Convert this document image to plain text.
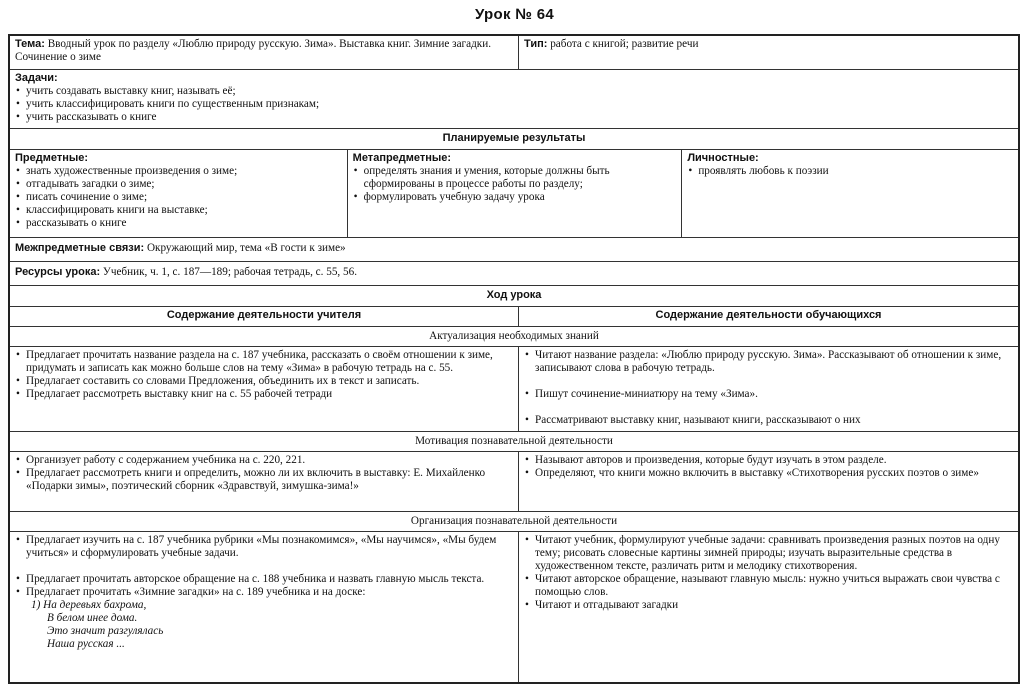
Урок № 64
Тема: Вводный урок по разделу «Люблю природу русскую. Зима». Выставка книг. Зимние загадки. Сочинение о зиме
Тип: работа с книгой; развитие речи
Задачи:
• учить создавать выставку книг, называть её;
• учить классифицировать книги по существенным признакам;
• учить рассказывать о книге
Планируемые результаты
Предметные:
• знать художественные произведения о зиме;
• отгадывать загадки о зиме;
• писать сочинение о зиме;
• классифицировать книги на выставке;
• рассказывать о книге
Метапредметные:
• определять знания и умения, которые должны быть сформированы в процессе работы по разделу;
• формулировать учебную задачу урока
Личностные:
• проявлять любовь к поэзии
Межпредметные связи: Окружающий мир, тема «В гости к зиме»
Ресурсы урока: Учебник, ч. 1, с. 187—189; рабочая тетрадь, с. 55, 56.
Ход урока
Содержание деятельности учителя	Содержание деятельности обучающихся
Актуализация необходимых знаний
• Предлагает прочитать название раздела на с. 187 учебника, рассказать о своём отношении к зиме, придумать и записать как можно больше слов на тему «Зима» в рабочую тетрадь на с. 55.
• Предлагает составить со словами Предложения, объединить их в текст и записать.
• Предлагает рассмотреть выставку книг на с. 55 рабочей тетради
• Читают название раздела: «Люблю природу русскую. Зима». Рассказывают об отношении к зиме, записывают слова в рабочую тетрадь.
• Пишут сочинение-миниатюру на тему «Зима».
• Рассматривают выставку книг, называют книги, рассказывают о них
Мотивация познавательной деятельности
• Организует работу с содержанием учебника на с. 220, 221.
• Предлагает рассмотреть книги и определить, можно ли их включить в выставку: Е. Михайленко «Подарки зимы», поэтический сборник «Здравствуй, зимушка-зима!»
• Называют авторов и произведения, которые будут изучать в этом разделе.
• Определяют, что книги можно включить в выставку «Стихотворения русских поэтов о зиме»
Организация познавательной деятельности
• Предлагает изучить на с. 187 учебника рубрики «Мы познакомимся», «Мы научимся», «Мы будем учиться» и сформулировать учебные задачи.
• Предлагает прочитать авторское обращение на с. 188 учебника и назвать главную мысль текста.
• Предлагает прочитать «Зимние загадки» на с. 189 учебника и на доске:
1) На деревьях бахрома,
В белом инее дома.
Это значит разгулялась
Наша русская ...
• Читают учебник, формулируют учебные задачи: сравнивать произведения разных поэтов на одну тему; рисовать словесные картины зимней природы; изучать выразительные средства в художественном тексте, различать ритм и мелодику стихотворения.
• Читают авторское обращение, называют главную мысль: нужно учиться выражать свои чувства с помощью слов.
• Читают и отгадывают загадки
